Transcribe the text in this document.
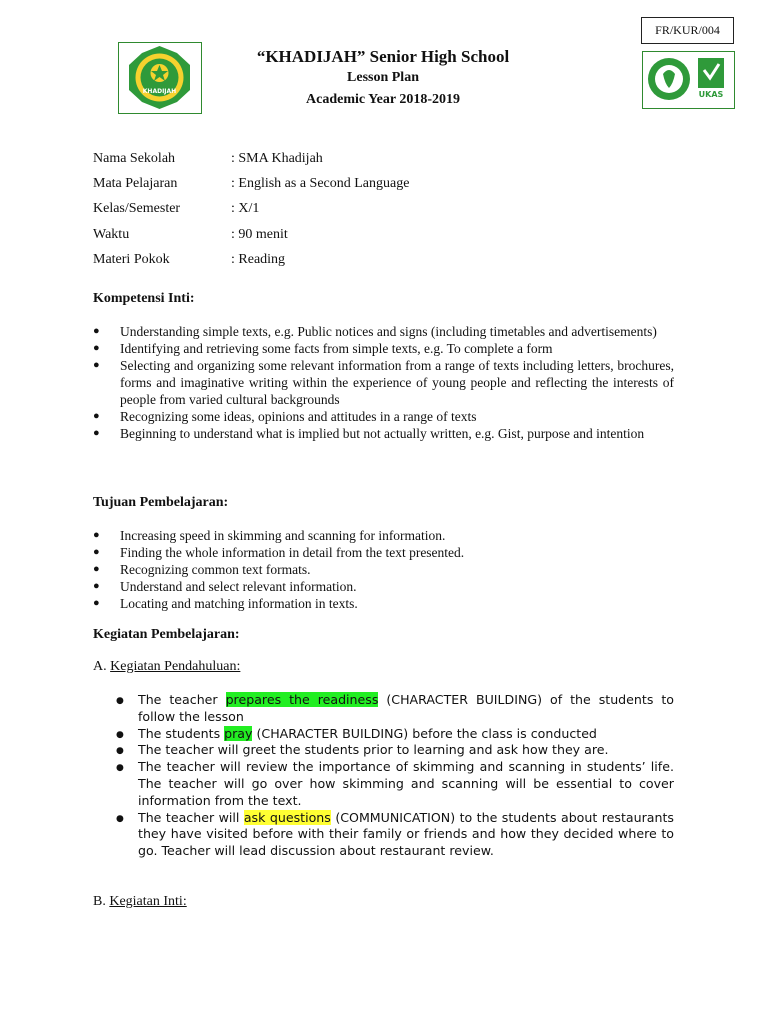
FR/KUR/004
KHADIJAH
“KHADIJAH” Senior High School
Lesson Plan
Academic Year 2018-2019	UKAS
Nama Sekolah	: SMA Khadijah
Mata Pelajaran	: English as a Second Language
Kelas/Semester	: X/1
Waktu	: 90 menit
Materi Pokok	: Reading
Kompetensi Inti:
● Understanding simple texts, e.g. Public notices and signs (including timetables and advertisements)
● Identifying and retrieving some facts from simple texts, e.g. To complete a form
● Selecting and organizing some relevant information from a range of texts including letters, brochures, forms and imaginative writing within the experience of young people and reflecting the interests of people from varied cultural backgrounds
● Recognizing some ideas, opinions and attitudes in a range of texts
● Beginning to understand what is implied but not actually written, e.g. Gist, purpose and intention
Tujuan Pembelajaran:
● Increasing speed in skimming and scanning for information.
● Finding the whole information in detail from the text presented.
● Recognizing common text formats.
● Understand and select relevant information.
● Locating and matching information in texts.
Kegiatan Pembelajaran:
A. Kegiatan Pendahuluan:
● The teacher prepares the readiness (CHARACTER BUILDING) of the students to follow the lesson
● The students pray (CHARACTER BUILDING) before the class is conducted
● The teacher will greet the students prior to learning and ask how they are.
● The teacher will review the importance of skimming and scanning in students’ life. The teacher will go over how skimming and scanning will be essential to cover information from the text.
● The teacher will ask questions (COMMUNICATION) to the students about restaurants they have visited before with their family or friends and how they decided where to go. Teacher will lead discussion about restaurant review.
B. Kegiatan Inti:
